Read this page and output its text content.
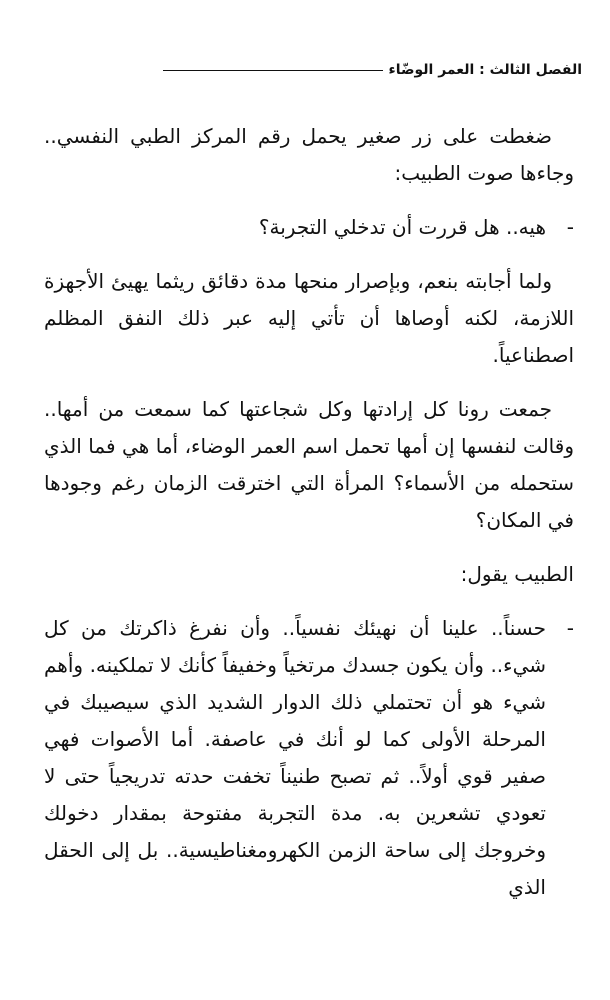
الفصل الثالث : العمر الوضّاء

ضغطت على زر صغير يحمل رقم المركز الطبي النفسي.. وجاءها صوت الطبيب:

-
هيه.. هل قررت أن تدخلي التجربة؟

ولما أجابته بنعم، وبإصرار منحها مدة دقائق ريثما يهيئ الأجهزة اللازمة، لكنه أوصاها أن تأتي إليه عبر ذلك النفق المظلم اصطناعياً.

جمعت رونا كل إرادتها وكل شجاعتها كما سمعت من أمها.. وقالت لنفسها إن أمها تحمل اسم العمر الوضاء، أما هي فما الذي ستحمله من الأسماء؟ المرأة التي اخترقت الزمان رغم وجودها في المكان؟

الطبيب يقول:

-
حسناً.. علينا أن نهيئك نفسياً.. وأن نفرغ ذاكرتك من كل شيء.. وأن يكون جسدك مرتخياً وخفيفاً كأنك لا تملكينه. وأهم شيء هو أن تحتملي ذلك الدوار الشديد الذي سيصيبك في المرحلة الأولى كما لو أنك في عاصفة. أما الأصوات فهي صفير قوي أولاً.. ثم تصبح طنيناً تخفت حدته تدريجياً حتى لا تعودي تشعرين به. مدة التجربة مفتوحة بمقدار دخولك وخروجك إلى ساحة الزمن الكهرومغناطيسية.. بل إلى الحقل الذي
